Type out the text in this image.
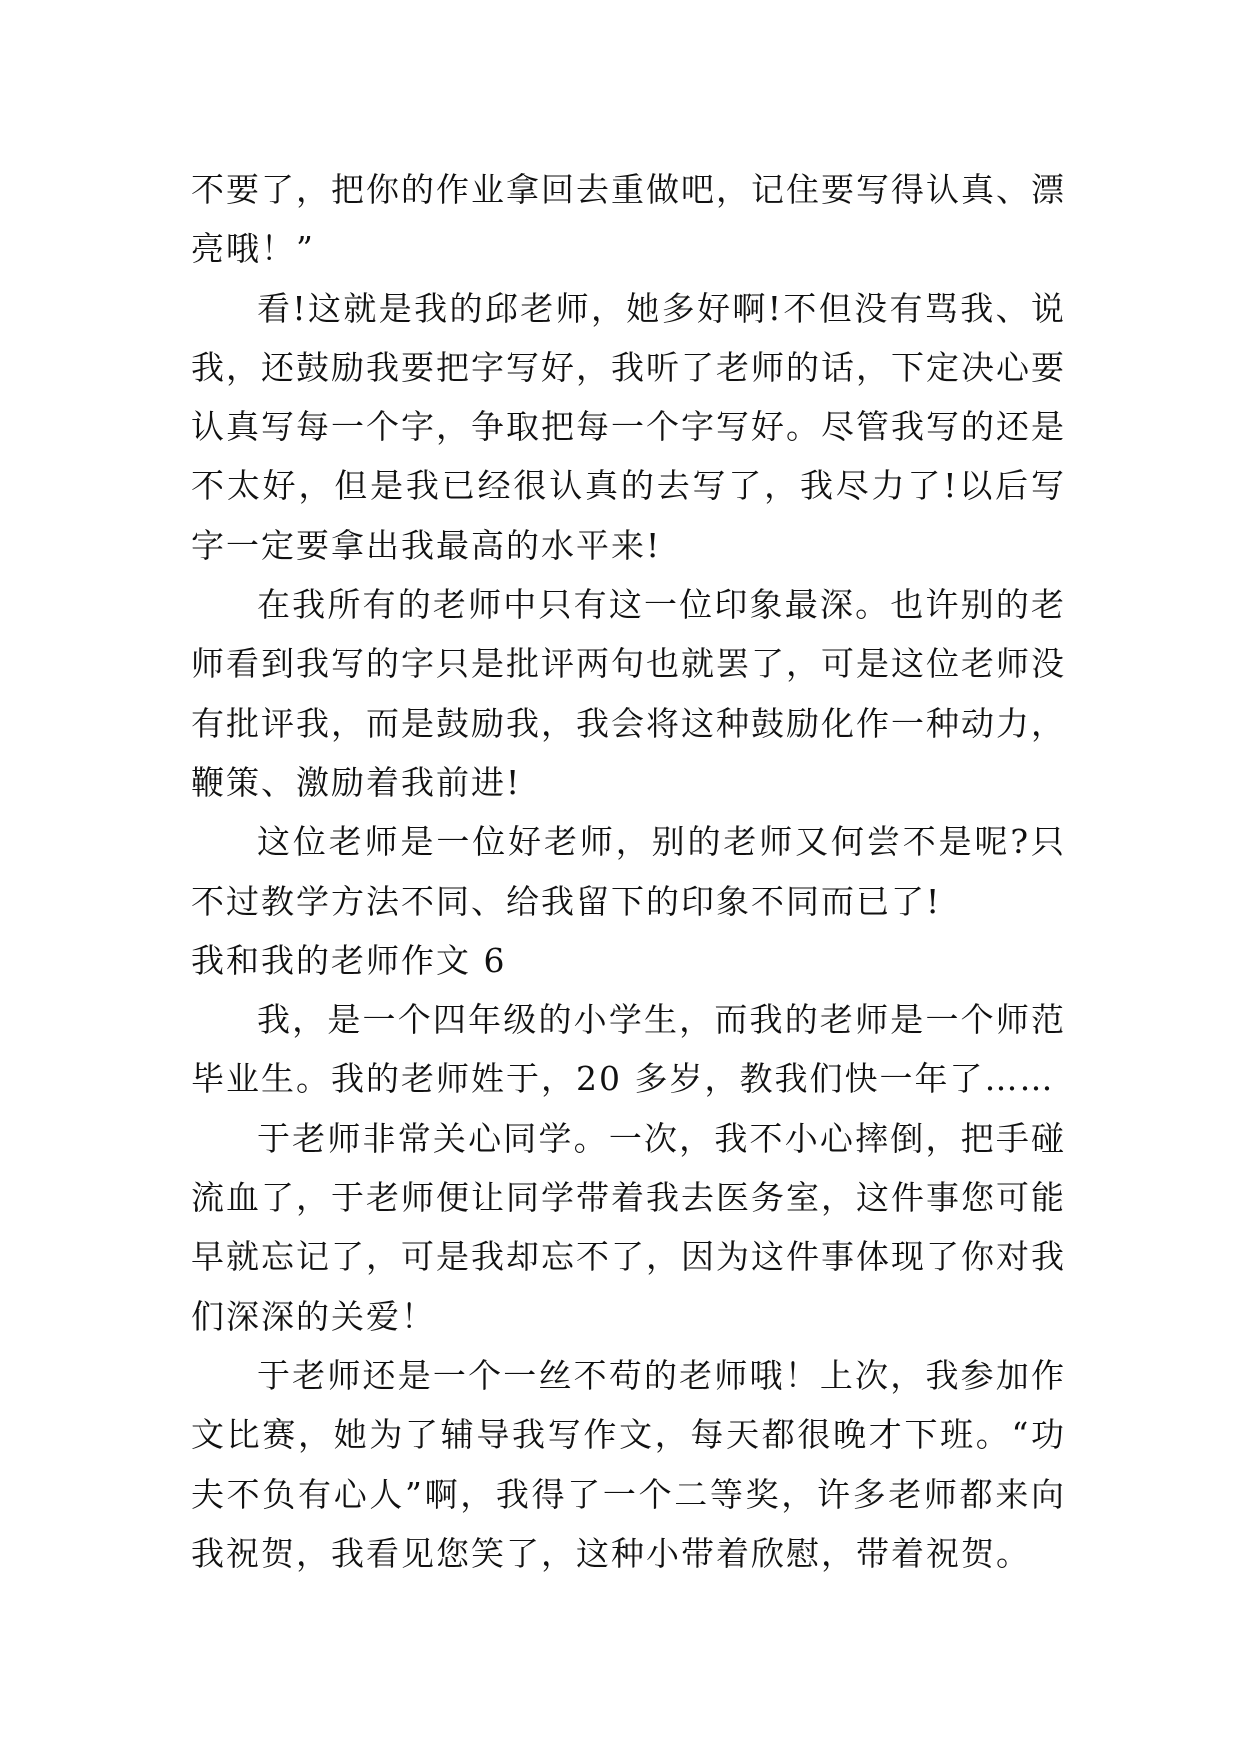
不要了，把你的作业拿回去重做吧，记住要写得认真、漂亮哦！”

看!这就是我的邱老师，她多好啊!不但没有骂我、说我，还鼓励我要把字写好，我听了老师的话，下定决心要认真写每一个字，争取把每一个字写好。尽管我写的还是不太好，但是我已经很认真的去写了，我尽力了!以后写字一定要拿出我最高的水平来!

在我所有的老师中只有这一位印象最深。也许别的老师看到我写的字只是批评两句也就罢了，可是这位老师没有批评我，而是鼓励我，我会将这种鼓励化作一种动力，鞭策、激励着我前进!

这位老师是一位好老师，别的老师又何尝不是呢?只不过教学方法不同、给我留下的印象不同而已了!

我和我的老师作文 6

我，是一个四年级的小学生，而我的老师是一个师范毕业生。我的老师姓于，20 多岁，教我们快一年了……

于老师非常关心同学。一次，我不小心摔倒，把手碰流血了，于老师便让同学带着我去医务室，这件事您可能早就忘记了，可是我却忘不了，因为这件事体现了你对我们深深的关爱！

于老师还是一个一丝不苟的老师哦！上次，我参加作文比赛，她为了辅导我写作文，每天都很晚才下班。“功夫不负有心人”啊，我得了一个二等奖，许多老师都来向我祝贺，我看见您笑了，这种小带着欣慰，带着祝贺。
